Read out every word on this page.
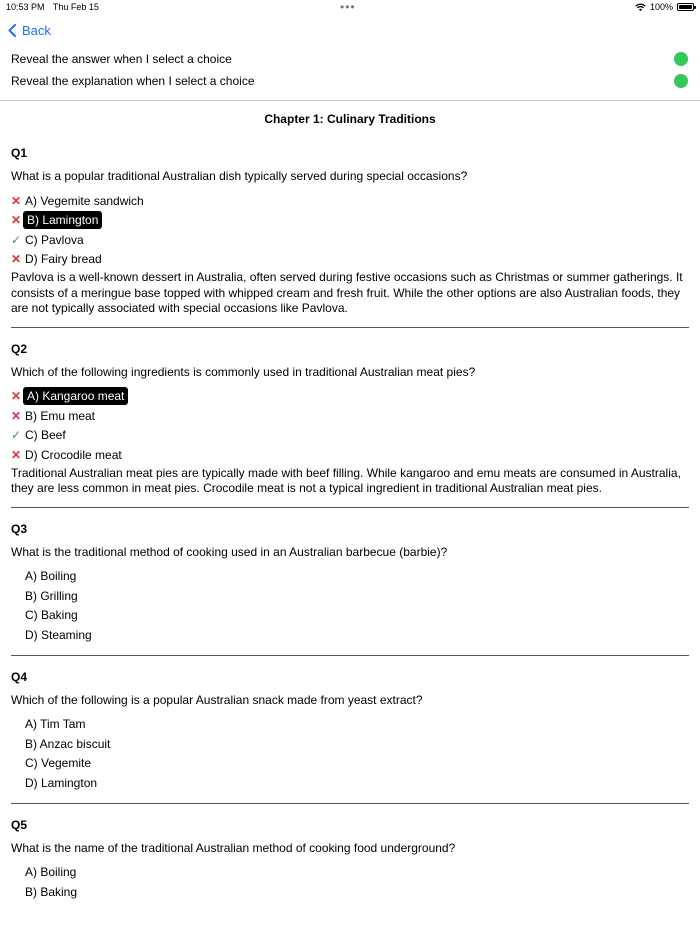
10:53 PM Thu Feb 15	•••	100%
Back
Reveal the answer when I select a choice
Reveal the explanation when I select a choice
Chapter 1: Culinary Traditions
Q1
What is a popular traditional Australian dish typically served during special occasions?
✕ A) Vegemite sandwich
✕ B) Lamington
✓ C) Pavlova
✕ D) Fairy bread
Pavlova is a well-known dessert in Australia, often served during festive occasions such as Christmas or summer gatherings. It consists of a meringue base topped with whipped cream and fresh fruit. While the other options are also Australian foods, they are not typically associated with special occasions like Pavlova.
Q2
Which of the following ingredients is commonly used in traditional Australian meat pies?
✕ A) Kangaroo meat
✕ B) Emu meat
✓ C) Beef
✕ D) Crocodile meat
Traditional Australian meat pies are typically made with beef filling. While kangaroo and emu meats are consumed in Australia, they are less common in meat pies. Crocodile meat is not a typical ingredient in traditional Australian meat pies.
Q3
What is the traditional method of cooking used in an Australian barbecue (barbie)?
A) Boiling
B) Grilling
C) Baking
D) Steaming
Q4
Which of the following is a popular Australian snack made from yeast extract?
A) Tim Tam
B) Anzac biscuit
C) Vegemite
D) Lamington
Q5
What is the name of the traditional Australian method of cooking food underground?
A) Boiling
B) Baking
